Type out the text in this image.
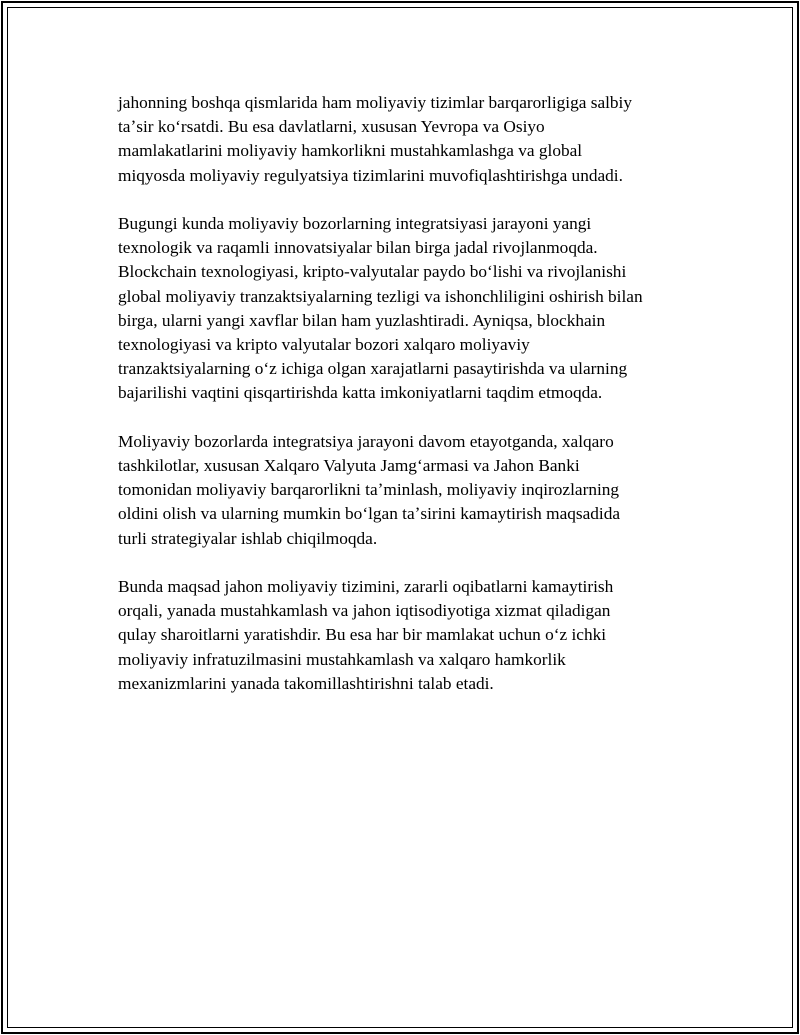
jahonning boshqa qismlarida ham moliyaviy tizimlar barqarorligiga salbiy
taʼsir koʻrsatdi. Bu esa davlatlarni, xususan Yevropa va Osiyo
mamlakatlarini moliyaviy hamkorlikni mustahkamlashga va global
miqyosda moliyaviy regulyatsiya tizimlarini muvofiqlashtirishga undadi.

Bugungi kunda moliyaviy bozorlarning integratsiyasi jarayoni yangi
texnologik va raqamli innovatsiyalar bilan birga jadal rivojlanmoqda.
Blockchain texnologiyasi, kripto-valyutalar paydo boʻlishi va rivojlanishi
global moliyaviy tranzaktsiyalarning tezligi va ishonchliligini oshirish bilan
birga, ularni yangi xavflar bilan ham yuzlashtiradi. Ayniqsa, blockhain
texnologiyasi va kripto valyutalar bozori xalqaro moliyaviy
tranzaktsiyalarning oʻz ichiga olgan xarajatlarni pasaytirishda va ularning
bajarilishi vaqtini qisqartirishda katta imkoniyatlarni taqdim etmoqda.

Moliyaviy bozorlarda integratsiya jarayoni davom etayotganda, xalqaro
tashkilotlar, xususan Xalqaro Valyuta Jamgʻarmasi va Jahon Banki
tomonidan moliyaviy barqarorlikni taʼminlash, moliyaviy inqirozlarning
oldini olish va ularning mumkin boʻlgan taʼsirini kamaytirish maqsadida
turli strategiyalar ishlab chiqilmoqda.

Bunda maqsad jahon moliyaviy tizimini, zararli oqibatlarni kamaytirish
orqali, yanada mustahkamlash va jahon iqtisodiyotiga xizmat qiladigan
qulay sharoitlarni yaratishdir. Bu esa har bir mamlakat uchun oʻz ichki
moliyaviy infratuzilmasini mustahkamlash va xalqaro hamkorlik
mexanizmlarini yanada takomillashtirishni talab etadi.
